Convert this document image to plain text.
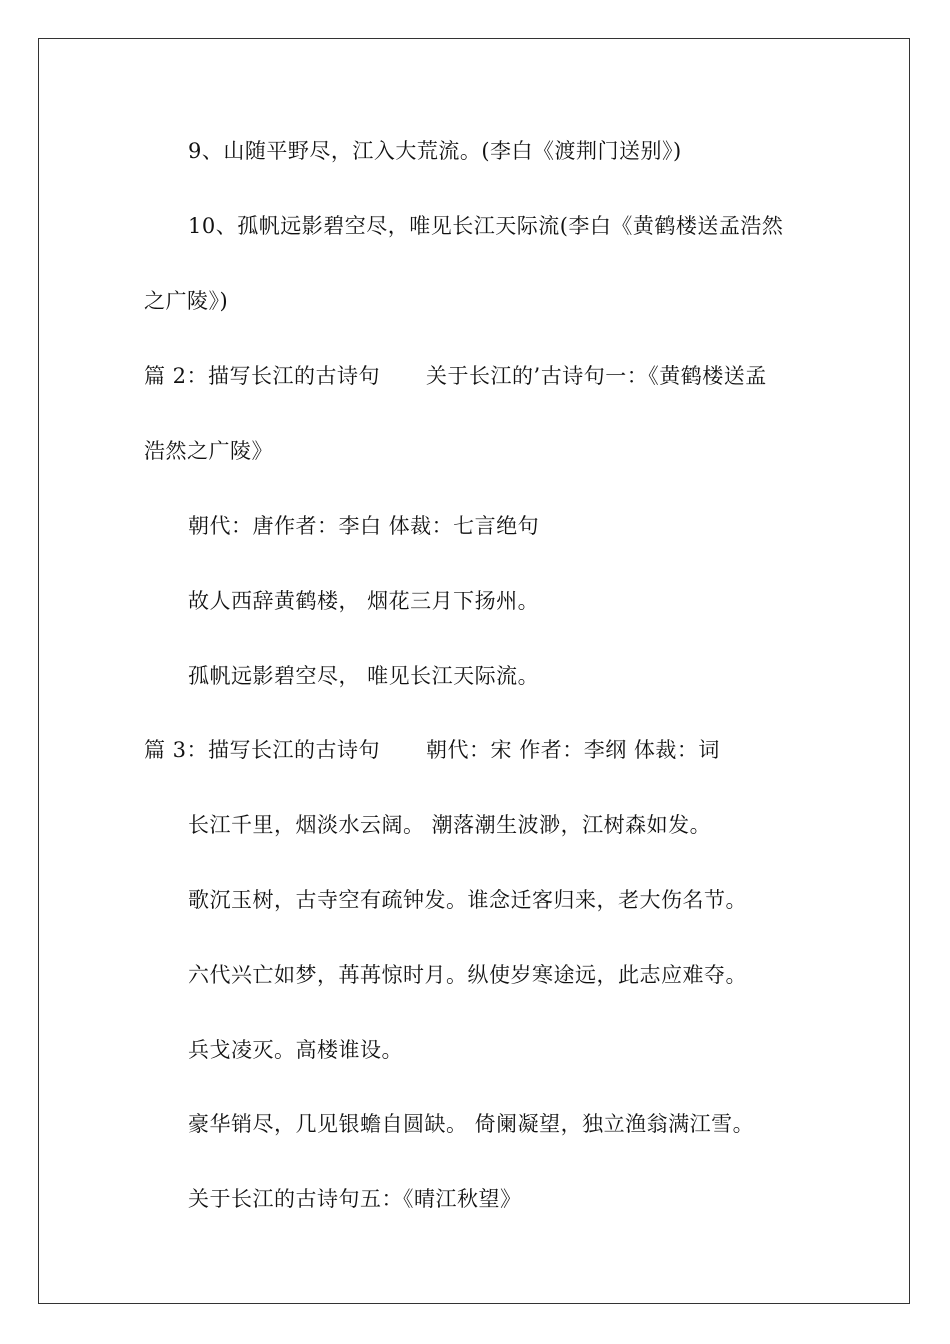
9、山随平野尽，江入大荒流。(李白《渡荆门送别》)
10、孤帆远影碧空尽，唯见长江天际流(李白《黄鹤楼送孟浩然
之广陵》)
篇 2：描写长江的古诗句 关于长江的’古诗句一：《黄鹤楼送孟
浩然之广陵》
朝代：唐作者：李白 体裁：七言绝句
故人西辞黄鹤楼， 烟花三月下扬州。
孤帆远影碧空尽， 唯见长江天际流。
篇 3：描写长江的古诗句 朝代：宋 作者：李纲 体裁：词
长江千里，烟淡水云阔。 潮落潮生波渺，江树森如发。
歌沉玉树，古寺空有疏钟发。谁念迁客归来，老大伤名节。
六代兴亡如梦，苒苒惊时月。纵使岁寒途远，此志应难夺。
兵戈凌灭。高楼谁设。
豪华销尽，几见银蟾自圆缺。 倚阑凝望，独立渔翁满江雪。
关于长江的古诗句五：《晴江秋望》
